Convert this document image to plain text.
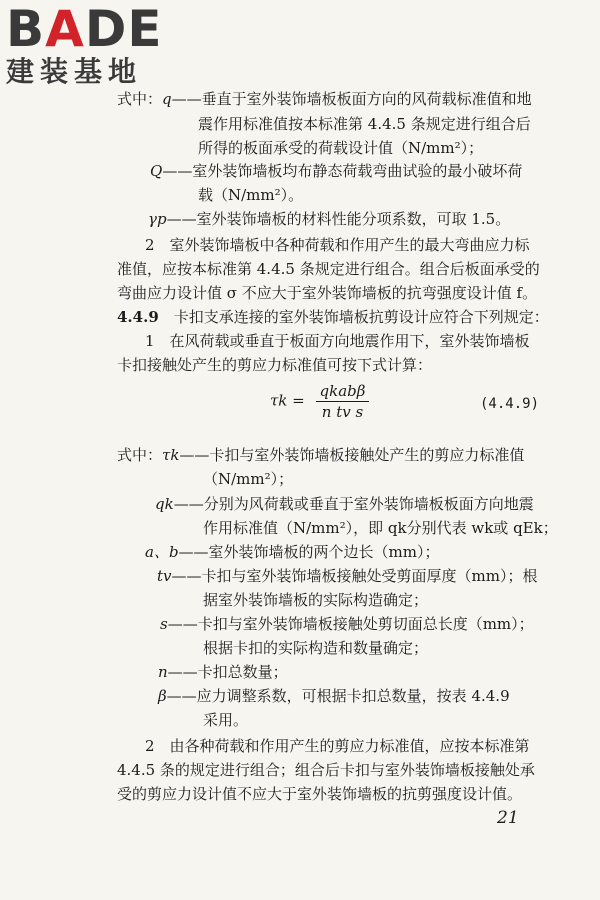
BADE
建装基地
式中：q——垂直于室外装饰墙板板面方向的风荷载标准值和地
震作用标准值按本标准第 4.4.5 条规定进行组合后
所得的板面承受的荷载设计值（N/mm²）；
Q——室外装饰墙板均布静态荷载弯曲试验的最小破坏荷
载（N/mm²）。
γp——室外装饰墙板的材料性能分项系数，可取 1.5。
2　室外装饰墙板中各种荷载和作用产生的最大弯曲应力标
准值，应按本标准第 4.4.5 条规定进行组合。组合后板面承受的
弯曲应力设计值 σ 不应大于室外装饰墙板的抗弯强度设计值 f。
4.4.9　卡扣支承连接的室外装饰墙板抗剪设计应符合下列规定：
1　在风荷载或垂直于板面方向地震作用下，室外装饰墙板
卡扣接触处产生的剪应力标准值可按下式计算：
$\tau k = \frac{\text{qkabβ}}{\text{n tv s}}$	(4.4.9)
式中：τk——卡扣与室外装饰墙板接触处产生的剪应力标准值
（N/mm²）；
qk——分别为风荷载或垂直于室外装饰墙板板面方向地震
作用标准值（N/mm²），即 qk分别代表 wk或 qEk；
a、b——室外装饰墙板的两个边长（mm）；
tv——卡扣与室外装饰墙板接触处受剪面厚度（mm）；根
据室外装饰墙板的实际构造确定；
s——卡扣与室外装饰墙板接触处剪切面总长度（mm）；
根据卡扣的实际构造和数量确定；
n——卡扣总数量；
β——应力调整系数，可根据卡扣总数量，按表 4.4.9
采用。
2　由各种荷载和作用产生的剪应力标准值，应按本标准第
4.4.5 条的规定进行组合；组合后卡扣与室外装饰墙板接触处承
受的剪应力设计值不应大于室外装饰墙板的抗剪强度设计值。
21
